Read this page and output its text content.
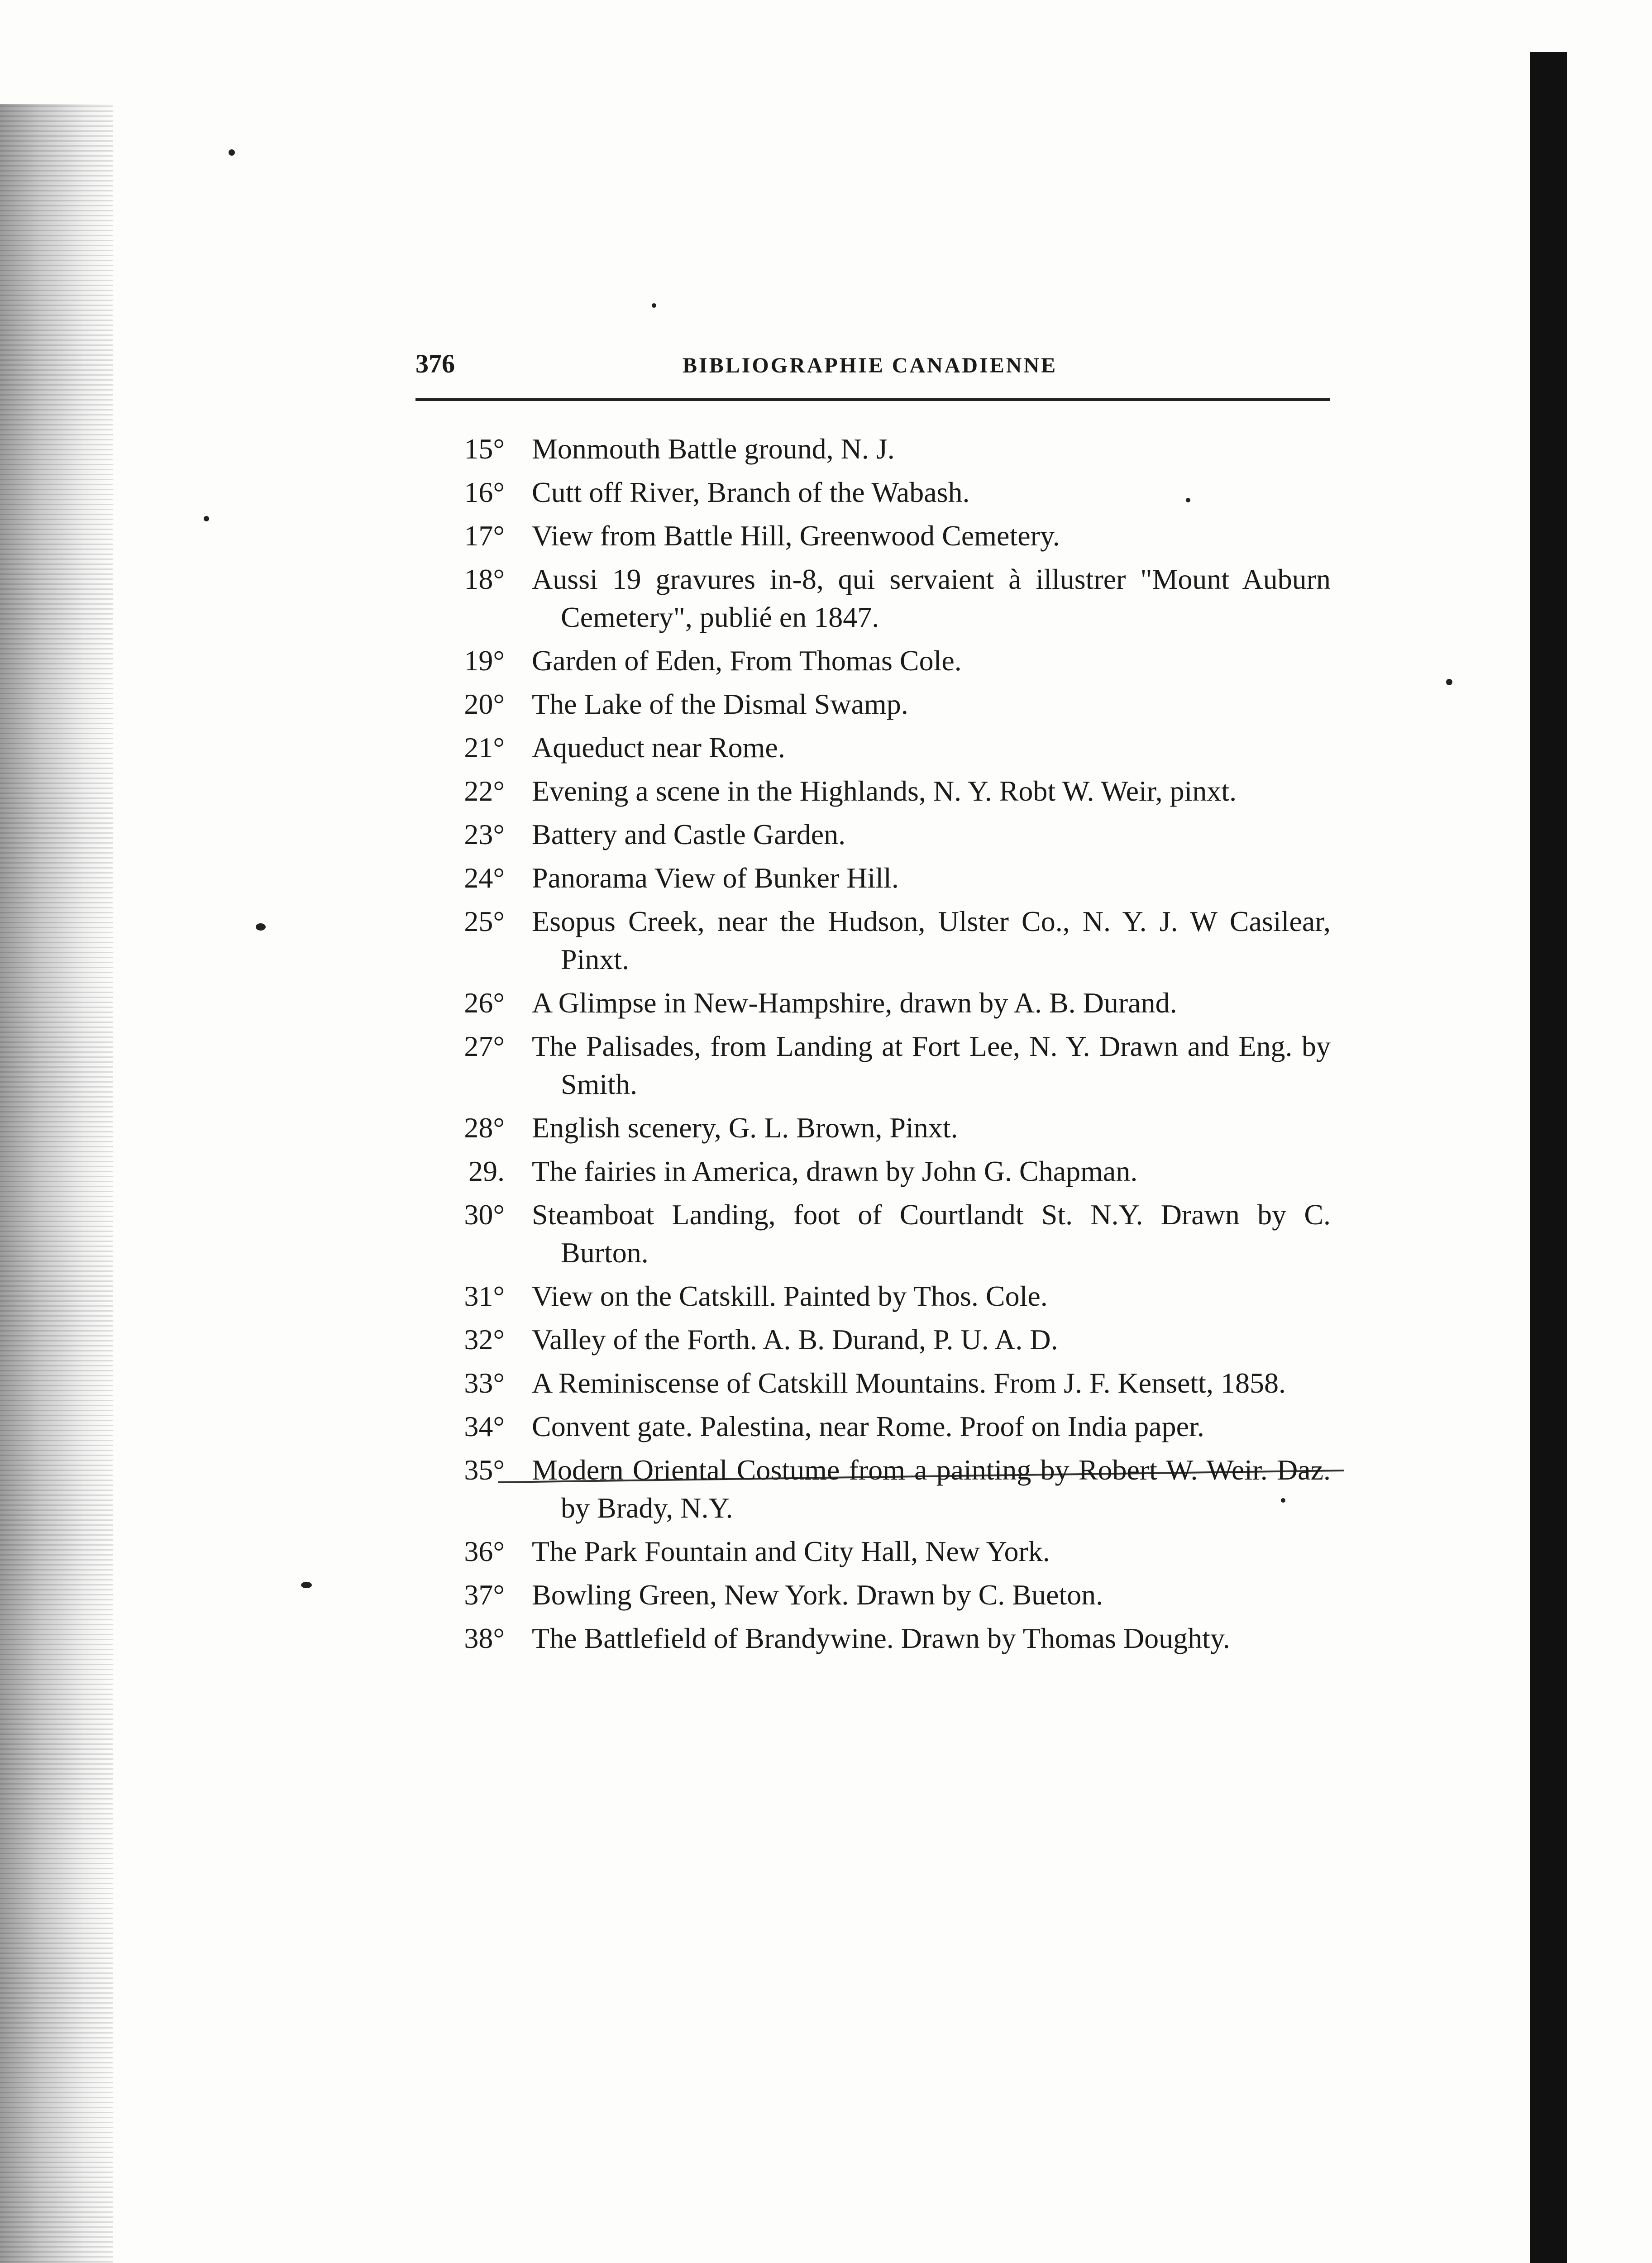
376	BIBLIOGRAPHIE CANADIENNE
15° Monmouth Battle ground, N. J.
16° Cutt off River, Branch of the Wabash.
17° View from Battle Hill, Greenwood Cemetery.
18° Aussi 19 gravures in-8, qui servaient à illustrer "Mount Auburn Cemetery", publié en 1847.
19° Garden of Eden, From Thomas Cole.
20° The Lake of the Dismal Swamp.
21° Aqueduct near Rome.
22° Evening a scene in the Highlands, N. Y. Robt W. Weir, pinxt.
23° Battery and Castle Garden.
24° Panorama View of Bunker Hill.
25° Esopus Creek, near the Hudson, Ulster Co., N. Y. J. W Casilear, Pinxt.
26° A Glimpse in New-Hampshire, drawn by A. B. Durand.
27° The Palisades, from Landing at Fort Lee, N. Y. Drawn and Eng. by Smith.
28° English scenery, G. L. Brown, Pinxt.
29. The fairies in America, drawn by John G. Chapman.
30° Steamboat Landing, foot of Courtlandt St. N.Y. Drawn by C. Burton.
31° View on the Catskill. Painted by Thos. Cole.
32° Valley of the Forth. A. B. Durand, P. U. A. D.
33° A Reminiscense of Catskill Mountains. From J. F. Kensett, 1858.
34° Convent gate. Palestina, near Rome. Proof on India paper.
35° Modern Oriental Costume from a painting by Robert W. Weir. Daz. by Brady, N.Y.
36° The Park Fountain and City Hall, New York.
37° Bowling Green, New York. Drawn by C. Bueton.
38° The Battlefield of Brandywine. Drawn by Thomas Doughty.
